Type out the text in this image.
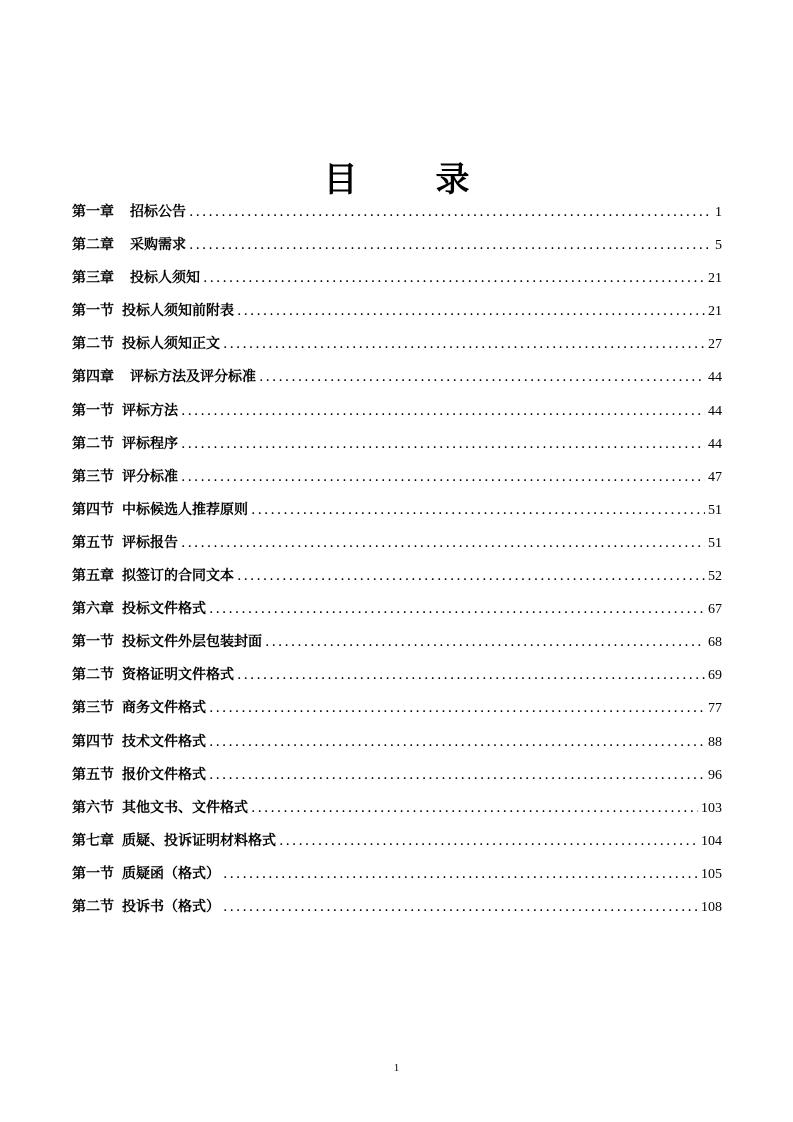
目 录
第一章 招标公告 .....	1
第二章 采购需求 .....	5
第三章 投标人须知 .....	21
第一节 投标人须知前附表 .....	21
第二节 投标人须知正文 .....	27
第四章 评标方法及评分标准 .....	44
第一节 评标方法 .....	44
第二节 评标程序 .....	44
第三节 评分标准 .....	47
第四节 中标候选人推荐原则 .....	51
第五节 评标报告 .....	51
第五章 拟签订的合同文本 .....	52
第六章 投标文件格式 .....	67
第一节 投标文件外层包装封面 .....	68
第二节 资格证明文件格式 .....	69
第三节 商务文件格式 .....	77
第四节 技术文件格式 .....	88
第五节 报价文件格式 .....	96
第六节 其他文书、文件格式 .....	103
第七章 质疑、投诉证明材料格式 .....	104
第一节 质疑函（格式） .....	105
第二节 投诉书（格式） .....	108
1
